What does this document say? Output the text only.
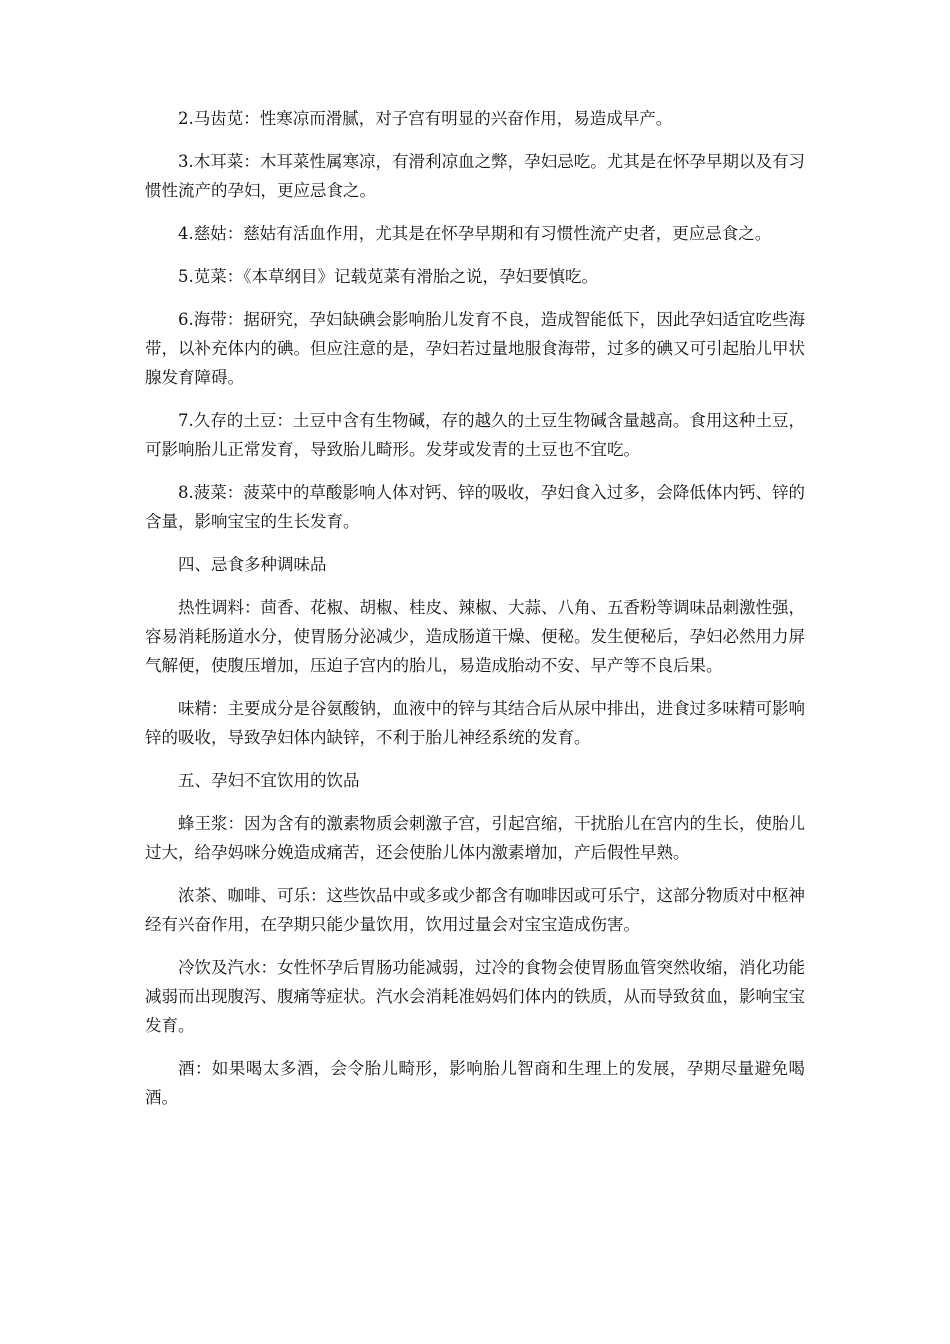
2.马齿苋：性寒凉而滑腻，对子宫有明显的兴奋作用，易造成早产。

3.木耳菜：木耳菜性属寒凉，有滑利凉血之弊，孕妇忌吃。尤其是在怀孕早期以及有习惯性流产的孕妇，更应忌食之。

4.慈姑：慈姑有活血作用，尤其是在怀孕早期和有习惯性流产史者，更应忌食之。

5.苋菜：《本草纲目》记载苋菜有滑胎之说，孕妇要慎吃。

6.海带：据研究，孕妇缺碘会影响胎儿发育不良，造成智能低下，因此孕妇适宜吃些海带，以补充体内的碘。但应注意的是，孕妇若过量地服食海带，过多的碘又可引起胎儿甲状腺发育障碍。

7.久存的土豆：土豆中含有生物碱，存的越久的土豆生物碱含量越高。食用这种土豆，可影响胎儿正常发育，导致胎儿畸形。发芽或发青的土豆也不宜吃。

8.菠菜：菠菜中的草酸影响人体对钙、锌的吸收，孕妇食入过多，会降低体内钙、锌的含量，影响宝宝的生长发育。

四、忌食多种调味品

热性调料：茴香、花椒、胡椒、桂皮、辣椒、大蒜、八角、五香粉等调味品刺激性强，容易消耗肠道水分，使胃肠分泌减少，造成肠道干燥、便秘。发生便秘后，孕妇必然用力屏气解便，使腹压增加，压迫子宫内的胎儿，易造成胎动不安、早产等不良后果。

味精：主要成分是谷氨酸钠，血液中的锌与其结合后从尿中排出，进食过多味精可影响锌的吸收，导致孕妇体内缺锌，不利于胎儿神经系统的发育。

五、孕妇不宜饮用的饮品

蜂王浆：因为含有的激素物质会刺激子宫，引起宫缩，干扰胎儿在宫内的生长，使胎儿过大，给孕妈咪分娩造成痛苦，还会使胎儿体内激素增加，产后假性早熟。

浓茶、咖啡、可乐：这些饮品中或多或少都含有咖啡因或可乐宁，这部分物质对中枢神经有兴奋作用，在孕期只能少量饮用，饮用过量会对宝宝造成伤害。

冷饮及汽水：女性怀孕后胃肠功能减弱，过冷的食物会使胃肠血管突然收缩，消化功能减弱而出现腹泻、腹痛等症状。汽水会消耗准妈妈们体内的铁质，从而导致贫血，影响宝宝发育。

酒：如果喝太多酒，会令胎儿畸形，影响胎儿智商和生理上的发展，孕期尽量避免喝酒。
